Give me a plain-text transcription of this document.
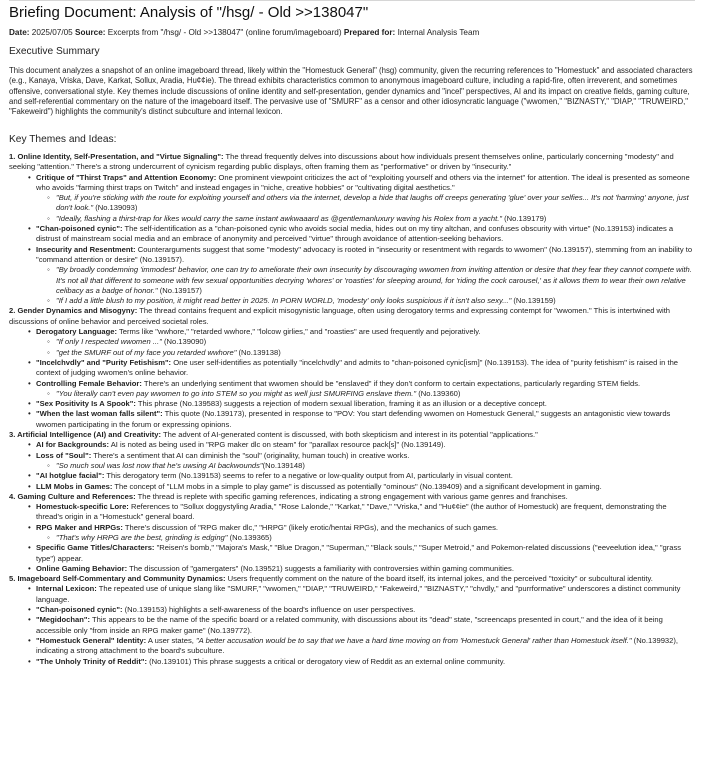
Briefing Document: Analysis of "/hsg/ - Old >>138047"
Date: 2025/07/05 Source: Excerpts from "/hsg/ - Old >>138047" (online forum/imageboard) Prepared for: Internal Analysis Team
Executive Summary

This document analyzes a snapshot of an online imageboard thread, likely within the "Homestuck General" (hsg) community, given the recurring references to "Homestuck" and associated characters (e.g., Kanaya, Vriska, Dave, Karkat, Sollux, Aradia, Hu¢¢ie). The thread exhibits characteristics common to anonymous imageboard culture, including a rapid-fire, often irreverent, and sometimes offensive, conversational style. Key themes include discussions of online identity and self-presentation, gender dynamics and "incel" perspectives, AI and its impact on creative fields, gaming culture, and self-referential commentary on the nature of the imageboard itself. The pervasive use of "SMURF" as a censor and other idiosyncratic language ("wwomen," "BIZNASTY," "DIAP," "TRUWEIRD," "Fakeweird") highlights the community's distinct subculture and internal lexicon.

Key Themes and Ideas:
1. Online Identity, Self-Presentation, and "Virtue Signaling": The thread frequently delves into discussions about how individuals present themselves online, particularly concerning "modesty" and seeking "attention." There's a strong undercurrent of cynicism regarding public displays, often framing them as "performative" or driven by "insecurity."
• Critique of "Thirst Traps" and Attention Economy: One prominent viewpoint criticizes the act of "exploiting yourself and others via the internet" for attention. The ideal is presented as someone who avoids "farming thirst traps on Twitch" and instead engages in "niche, creative hobbies" or "cultivating digital aesthetics."
◦ "But, if you're sticking with the route for exploiting yourself and others via the internet, develop a hide that laughs off creeps generating 'glue' over your selfies... It's not 'harming' anyone, just don't look." (No.139093)
◦ "Ideally, flashing a thirst-trap for likes would carry the same instant awkwaaard as @gentlemanluxury waving his Rolex from a yacht." (No.139179)
• "Chan-poisoned cynic": The self-identification as a "chan-poisoned cynic who avoids social media, hides out on my tiny altchan, and confuses obscurity with virtue" (No.139153) indicates a distrust of mainstream social media and an embrace of anonymity and perceived "virtue" through avoidance of attention-seeking behaviors.
• Insecurity and Resentment: Counterarguments suggest that some "modesty" advocacy is rooted in "insecurity or resentment with regards to wwomen" (No.139157), stemming from an inability to "command attention or desire" (No.139157).
◦ "By broadly condemning 'immodest' behavior, one can try to ameliorate their own insecurity by discouraging wwomen from inviting attention or desire that they fear they cannot compete with. It's not all that different to someone with few sexual opportunities decrying 'whores' or 'roasties' for sleeping around, for 'riding the cock carousel,' as it allows them to wear their own relative celibacy as a badge of honor." (No.139157)
◦ "If I add a little blush to my position, it might read better in 2025. In PORN WORLD, 'modesty' only looks suspicious if it isn't also sexy..." (No.139159)
2. Gender Dynamics and Misogyny: The thread contains frequent and explicit misogynistic language, often using derogatory terms and expressing contempt for "wwomen." This is intertwined with discussions of online behavior and perceived societal roles.
• Derogatory Language: Terms like "wwhore," "retarded wwhore," "lolcow girlies," and "roasties" are used frequently and pejoratively.
◦ "If only I respected wwomen ..." (No.139090)
◦ "get the SMURF out of my face you retarded wwhore" (No.139138)
• "Incelchvdly" and "Purity Fetishism": One user self-identifies as potentially "incelchvdly" and admits to "chan-poisoned cynic[ism]" (No.139153). The idea of "purity fetishism" is raised in the context of judging wwomen's online behavior.
• Controlling Female Behavior: There's an underlying sentiment that wwomen should be "enslaved" if they don't conform to certain expectations, particularly regarding STEM fields.
◦ "You literally can't even pay wwomen to go into STEM so you might as well just SMURFING enslave them." (No.139360)
• "Sex Positivity Is A Spook": This phrase (No.139583) suggests a rejection of modern sexual liberation, framing it as an illusion or a deceptive concept.
• "When the last woman falls silent": This quote (No.139173), presented in response to "POV: You start defending wwomen on Homestuck General," suggests an antagonistic view towards wwomen participating in the forum or expressing opinions.
3. Artificial Intelligence (AI) and Creativity: The advent of AI-generated content is discussed, with both skepticism and interest in its potential "applications."
• AI for Backgrounds: AI is noted as being used in "RPG maker dlc on steam" for "parallax resource pack[s]" (No.139149).
• Loss of "Soul": There's a sentiment that AI can diminish the "soul" (originality, human touch) in creative works.
◦ "So much soul was lost now that he's uwsing AI backwounds"(No.139148)
• "AI hotglue facial": This derogatory term (No.139153) seems to refer to a negative or low-quality output from AI, particularly in visual content.
• LLM Mobs in Games: The concept of "LLM mobs in a simple to play game" is discussed as potentially "ominous" (No.139409) and a significant development in gaming.
4. Gaming Culture and References: The thread is replete with specific gaming references, indicating a strong engagement with various game genres and franchises.
• Homestuck-specific Lore: References to "Sollux doggystyling Aradia," "Rose Lalonde," "Karkat," "Dave," "Vriska," and "Hu¢¢ie" (the author of Homestuck) are frequent, demonstrating the thread's origin in a "Homestuck" general board.
• RPG Maker and HRPGs: There's discussion of "RPG maker dlc," "HRPG" (likely erotic/hentai RPGs), and the mechanics of such games.
◦ "That's why HRPG are the best, grinding is edging" (No.139365)
• Specific Game Titles/Characters: "Reisen's bomb," "Majora's Mask," "Blue Dragon," "Superman," "Black souls," "Super Metroid," and Pokemon-related discussions ("eeveelution idea," "grass type") appear.
• Online Gaming Behavior: The discussion of "gamergaters" (No.139521) suggests a familiarity with controversies within gaming communities.
5. Imageboard Self-Commentary and Community Dynamics: Users frequently comment on the nature of the board itself, its internal jokes, and the perceived "toxicity" or subcultural identity.
• Internal Lexicon: The repeated use of unique slang like "SMURF," "wwomen," "DIAP," "TRUWEIRD," "Fakeweird," "BIZNASTY," "chvdly," and "purrformative" underscores a distinct community language.
• "Chan-poisoned cynic": (No.139153) highlights a self-awareness of the board's influence on user perspectives.
• "Megidochan": This appears to be the name of the specific board or a related community, with discussions about its "dead" state, "screencaps presented in court," and the idea of it being accessible only "from inside an RPG maker game" (No.139772).
• "Homestuck General" Identity: A user states, "A better accusation would be to say that we have a hard time moving on from 'Homestuck General' rather than Homestuck itself." (No.139932), indicating a strong attachment to the board's subculture.
• "The Unholy Trinity of Reddit": (No.139101) This phrase suggests a critical or derogatory view of Reddit as an external online community.
